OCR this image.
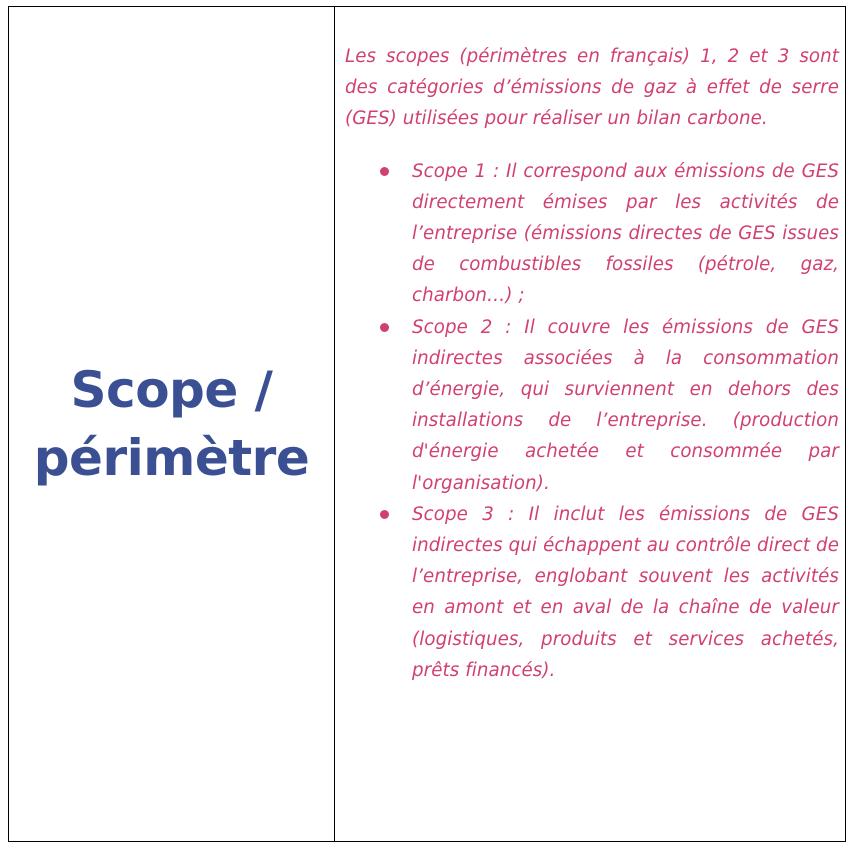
Scope /
périmètre

Les scopes (périmètres en français) 1, 2 et 3 sont des catégories d’émissions de gaz à effet de serre (GES) utilisées pour réaliser un bilan carbone.

Scope 1 : Il correspond aux émissions de GES directement émises par les activités de l’entreprise (émissions directes de GES issues de combustibles fossiles (pétrole, gaz, charbon…) ;

Scope 2 : Il couvre les émissions de GES indirectes associées à la consommation d’énergie, qui surviennent en dehors des installations de l’entreprise. (production d'énergie achetée et consommée par l'organisation).

Scope 3 : Il inclut les émissions de GES indirectes qui échappent au contrôle direct de l’entreprise, englobant souvent les activités en amont et en aval de la chaîne de valeur (logistiques, produits et services achetés, prêts financés).
